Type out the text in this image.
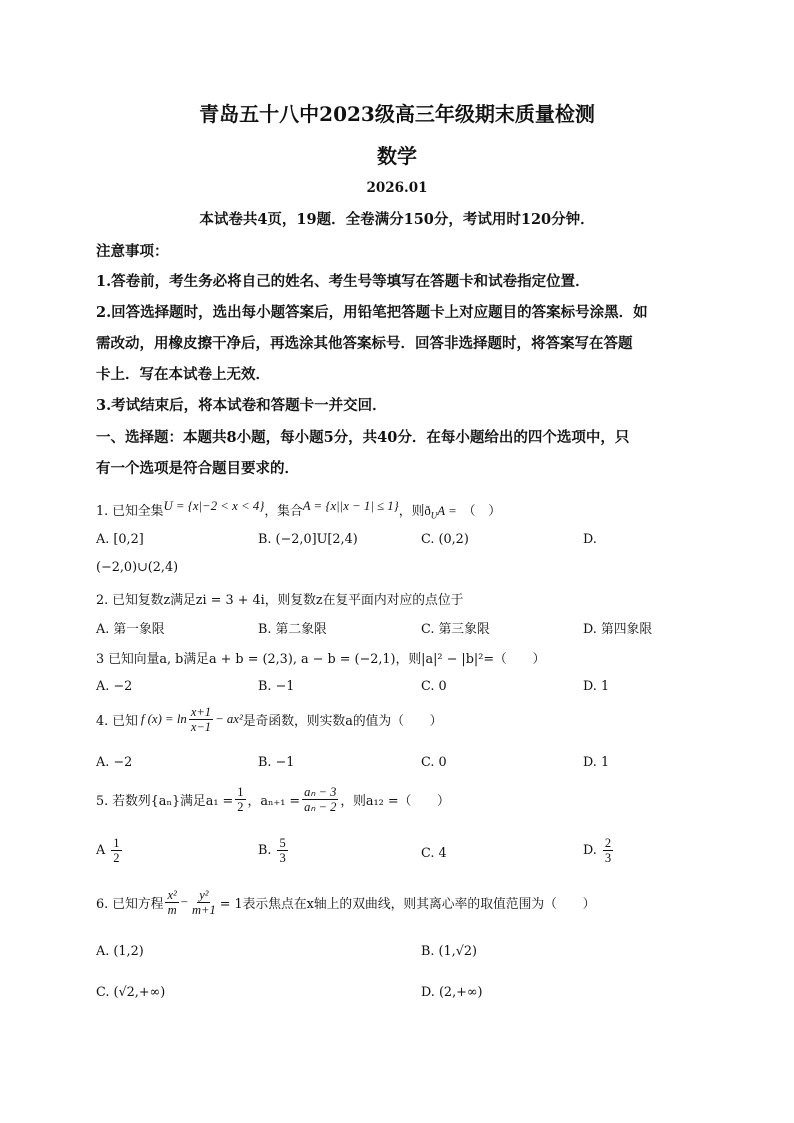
青岛五十八中2023级高三年级期末质量检测
数学
2026.01
本试卷共4页，19题．全卷满分150分，考试用时120分钟．
注意事项：
1.答卷前，考生务必将自己的姓名、考生号等填写在答题卡和试卷指定位置．
2.回答选择题时，选出每小题答案后，用铅笔把答题卡上对应题目的答案标号涂黑．如
需改动，用橡皮擦干净后，再选涂其他答案标号．回答非选择题时，将答案写在答题
卡上．写在本试卷上无效．
3.考试结束后，将本试卷和答题卡一并交回．
一、选择题：本题共8小题，每小题5分，共40分．在每小题给出的四个选项中，只
有一个选项是符合题目要求的．
1. 已知全集U = {x|−2 < x < 4}，集合A = {x||x − 1| ≤ 1}，则$ð_UA$ = （　）
A. [0,2]	B. (−2,0]U[2,4)	C. (0,2)	D.
(−2,0)∪(2,4)
2. 已知复数z满足zi = 3 + 4i，则复数z在复平面内对应的点位于
A. 第一象限	B. 第二象限	C. 第三象限	D. 第四象限
3 已知向量a, b满足a + b = (2,3), a − b = (−2,1)，则|a|² − |b|²=（　　）
A. −2	B. −1	C. 0	D. 1
4. 已知 f $(x) = \ln \frac{x+1}{x-1} - ax^2$ 是奇函数，则实数a的值为（　　）
A. −2	B. −1	C. 0	D. 1
5. 若数列{aₙ}满足$a_1 = \frac{1}{2}$ ，$a_{n+1} = \frac{\text{aₙ − 3}}{\text{aₙ − 2}}$ ，则a₁₂ =（　　）
A $\frac{1}{2}$	B. $\frac{5}{3}$	C. 4	D. $\frac{2}{3}$
6. 已知方程 $\frac{\text{x²}}{m} - \frac{\text{y²}}{m+1} = 1$表示焦点在x轴上的双曲线，则其离心率的取值范围为（　　）
A. (1,2)	B. (1,√2)
C. (√2,+∞)	D. (2,+∞)
